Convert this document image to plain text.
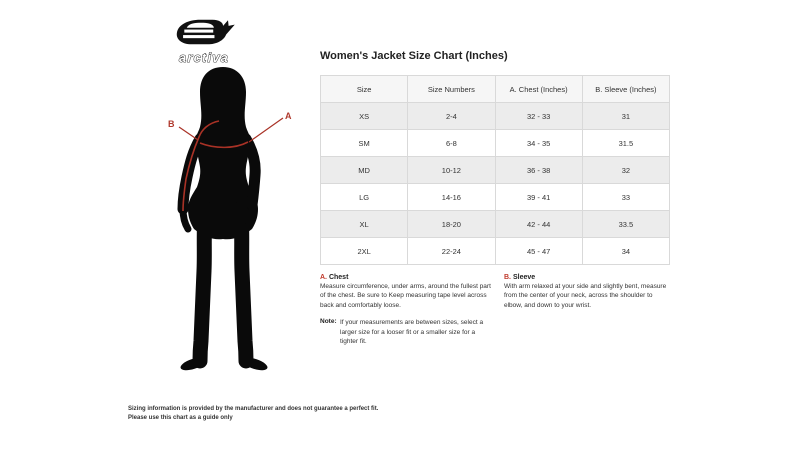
arctiva
A
B
Women's Jacket Size Chart (Inches)
Size	Size Numbers	A. Chest (Inches)	B. Sleeve (Inches)
XS	2-4	32 - 33	31
SM	6-8	34 - 35	31.5
MD	10-12	36 - 38	32
LG	14-16	39 - 41	33
XL	18-20	42 - 44	33.5
2XL	22-24	45 - 47	34
A. Chest
Measure circumference, under arms, around the fullest part of the chest. Be sure to Keep measuring tape level across back and comfortably loose.
Note: If your measurements are between sizes, select a larger size for a looser fit or a smaller size for a tighter fit.
B. Sleeve
With arm relaxed at your side and slightly bent, measure from the center of your neck, across the shoulder to elbow, and down to your wrist.
Sizing information is provided by the manufacturer and does not guarantee a perfect fit.
Please use this chart as a guide only
